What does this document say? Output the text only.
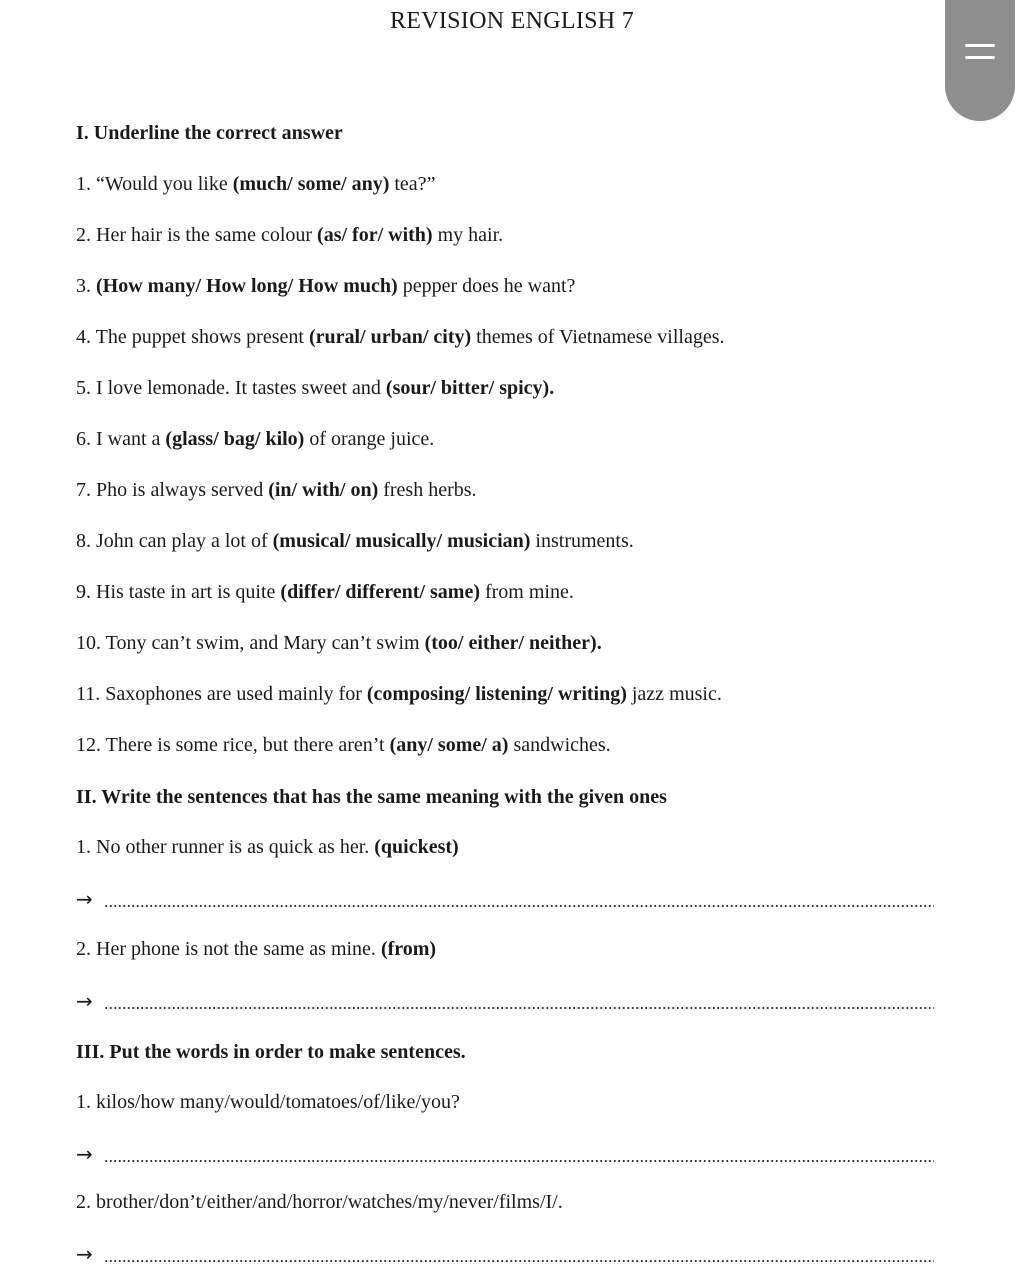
REVISION ENGLISH 7
I. Underline the correct answer
1. “Would you like (much/ some/ any) tea?”
2. Her hair is the same colour (as/ for/ with) my hair.
3. (How many/ How long/ How much) pepper does he want?
4. The puppet shows present (rural/ urban/ city) themes of Vietnamese villages.
5. I love lemonade. It tastes sweet and (sour/ bitter/ spicy).
6. I want a (glass/ bag/ kilo) of orange juice.
7. Pho is always served (in/ with/ on) fresh herbs.
8. John can play a lot of (musical/ musically/ musician) instruments.
9. His taste in art is quite (differ/ different/ same) from mine.
10. Tony can’t swim, and Mary can’t swim (too/ either/ neither).
11. Saxophones are used mainly for (composing/ listening/ writing) jazz music.
12. There is some rice, but there aren’t (any/ some/ a) sandwiches.
II. Write the sentences that has the same meaning with the given ones
1. No other runner is as quick as her. (quickest)
→
2. Her phone is not the same as mine. (from)
→
III. Put the words in order to make sentences.
1. kilos/how many/would/tomatoes/of/like/you?
→
2. brother/don’t/either/and/horror/watches/my/never/films/I/.
→
